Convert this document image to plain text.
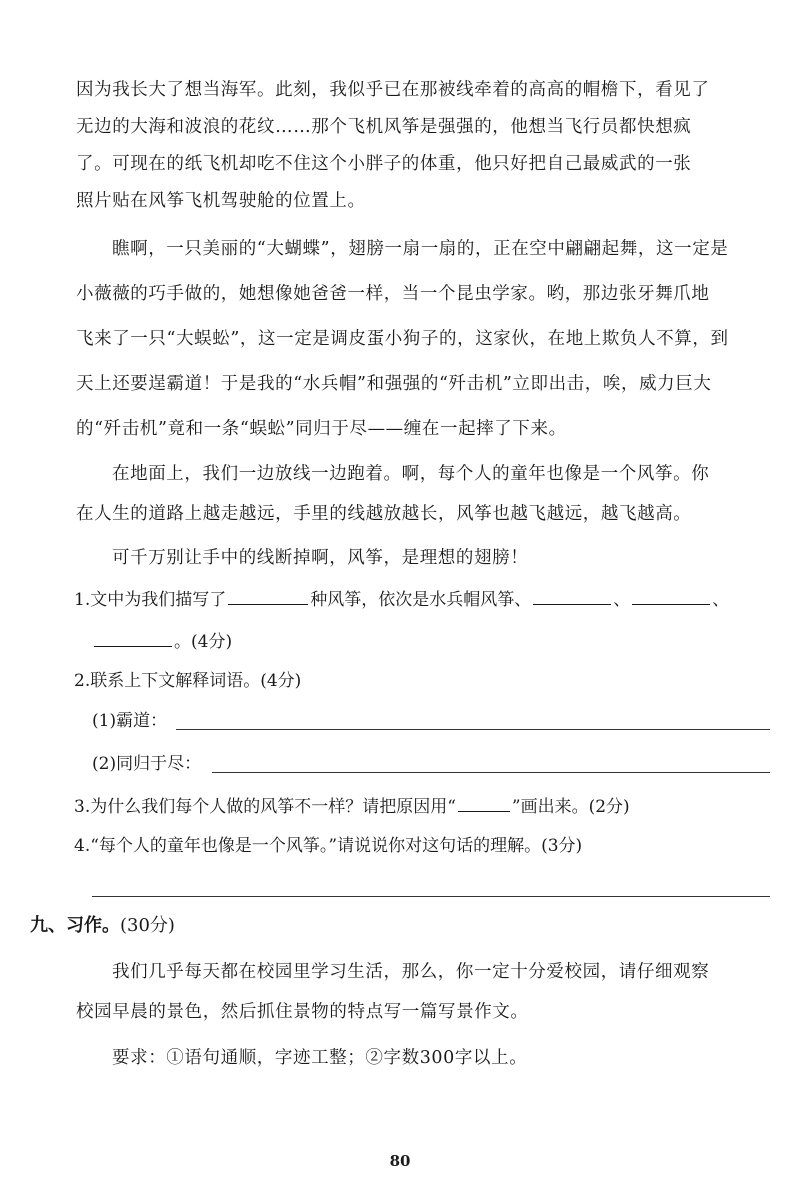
因为我长大了想当海军。此刻，我似乎已在那被线牵着的高高的帽檐下，看见了
无边的大海和波浪的花纹……那个飞机风筝是强强的，他想当飞行员都快想疯
了。可现在的纸飞机却吃不住这个小胖子的体重，他只好把自己最威武的一张
照片贴在风筝飞机驾驶舱的位置上。
瞧啊，一只美丽的“大蝴蝶”，翅膀一扇一扇的，正在空中翩翩起舞，这一定是
小薇薇的巧手做的，她想像她爸爸一样，当一个昆虫学家。哟，那边张牙舞爪地
飞来了一只“大蜈蚣”，这一定是调皮蛋小狗子的，这家伙，在地上欺负人不算，到
天上还要逞霸道！于是我的“水兵帽”和强强的“歼击机”立即出击，唉，威力巨大
的“歼击机”竟和一条“蜈蚣”同归于尽——缠在一起摔了下来。
在地面上，我们一边放线一边跑着。啊，每个人的童年也像是一个风筝。你
在人生的道路上越走越远，手里的线越放越长，风筝也越飞越远，越飞越高。
可千万别让手中的线断掉啊，风筝，是理想的翅膀！
1.文中为我们描写了	种风筝，依次是水兵帽风筝、	、	、
。(4分)
2.联系上下文解释词语。(4分)
(1)霸道：
(2)同归于尽：
3.为什么我们每个人做的风筝不一样？请把原因用“	”画出来。(2分)
4.“每个人的童年也像是一个风筝。”请说说你对这句话的理解。(3分)
九、习作。(30分)
我们几乎每天都在校园里学习生活，那么，你一定十分爱校园，请仔细观察
校园早晨的景色，然后抓住景物的特点写一篇写景作文。
要求：①语句通顺，字迹工整；②字数300字以上。
80
